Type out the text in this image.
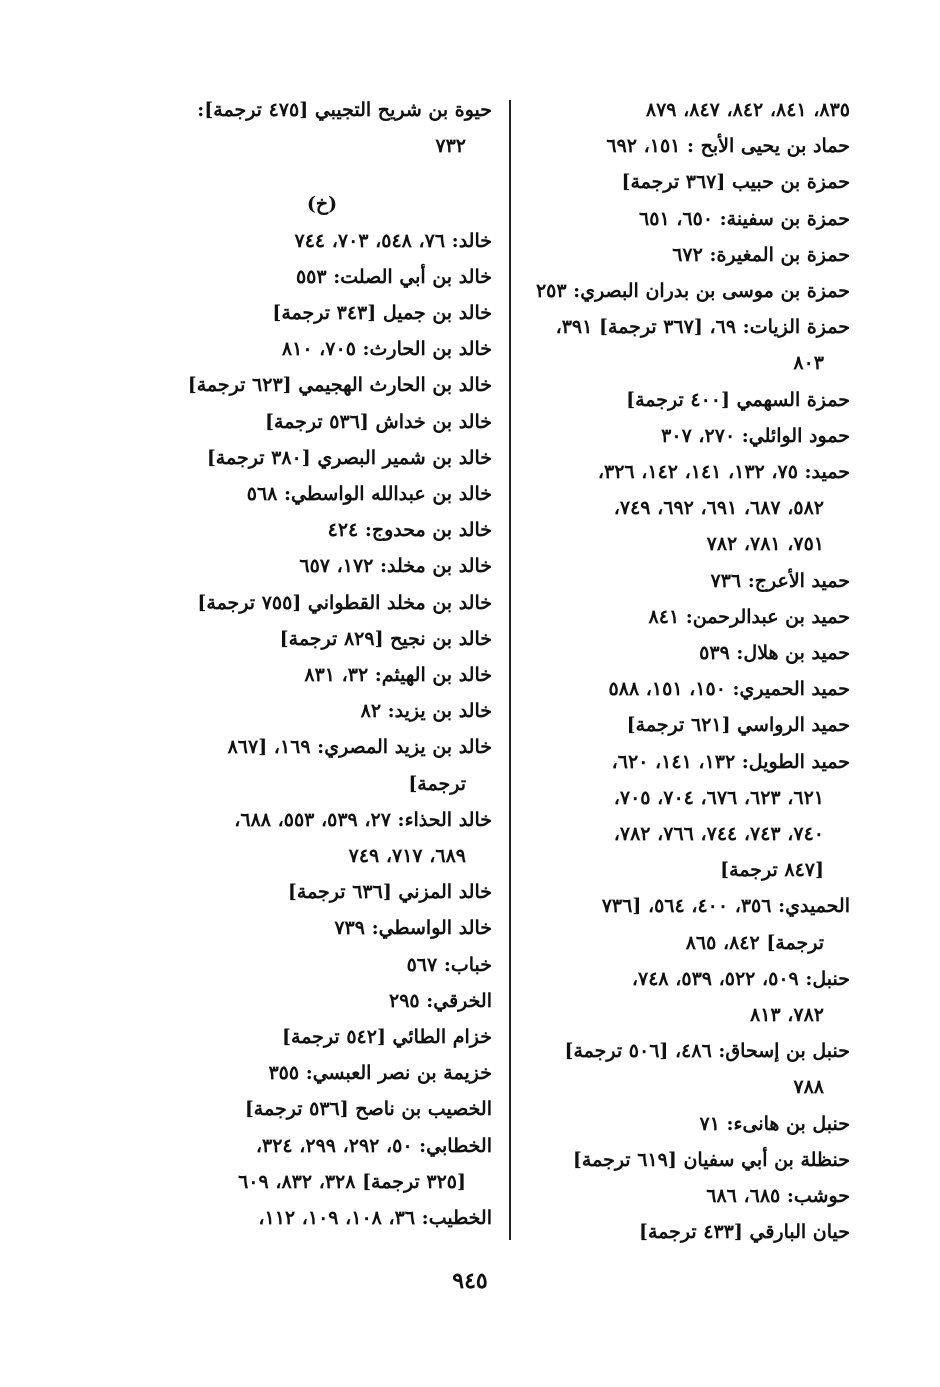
٨٣٥، ٨٤١، ٨٤٢، ٨٤٧، ٨٧٩
حماد بن يحيى الأبح : ١٥١، ٦٩٢
حمزة بن حبيب [٣٦٧ ترجمة]
حمزة بن سفينة: ٦٥٠، ٦٥١
حمزة بن المغيرة: ٦٧٢
حمزة بن موسى بن بدران البصري: ٢٥٣
حمزة الزيات: ٦٩، [٣٦٧ ترجمة] ٣٩١،
٨٠٣
حمزة السهمي [٤٠٠ ترجمة]
حمود الوائلي: ٢٧٠، ٣٠٧
حميد: ٧٥، ١٣٢، ١٤١، ١٤٢، ٣٢٦،
٥٨٢، ٦٨٧، ٦٩١، ٦٩٢، ٧٤٩،
٧٥١، ٧٨١، ٧٨٢
حميد الأعرج: ٧٣٦
حميد بن عبدالرحمن: ٨٤١
حميد بن هلال: ٥٣٩
حميد الحميري: ١٥٠، ١٥١، ٥٨٨
حميد الرواسي [٦٢١ ترجمة]
حميد الطويل: ١٣٢، ١٤١، ٦٢٠،
٦٢١، ٦٢٣، ٦٧٦، ٧٠٤، ٧٠٥،
٧٤٠، ٧٤٣، ٧٤٤، ٧٦٦، ٧٨٢،
[٨٤٧ ترجمة]
الحميدي: ٣٥٦، ٤٠٠، ٥٦٤، [٧٣٦
ترجمة] ٨٤٢، ٨٦٥
حنبل: ٥٠٩، ٥٢٢، ٥٣٩، ٧٤٨،
٧٨٢، ٨١٣
حنبل بن إسحاق: ٤٨٦، [٥٠٦ ترجمة]
٧٨٨
حنبل بن هانىء: ٧١
حنظلة بن أبي سفيان [٦١٩ ترجمة]
حوشب: ٦٨٥، ٦٨٦
حيان البارقي [٤٣٣ ترجمة]
حيوة بن شريح التجيبي [٤٧٥ ترجمة]:
٧٣٢
(خ)
خالد: ٧٦، ٥٤٨، ٧٠٣، ٧٤٤
خالد بن أبي الصلت: ٥٥٣
خالد بن جميل [٣٤٣ ترجمة]
خالد بن الحارث: ٧٠٥، ٨١٠
خالد بن الحارث الهجيمي [٦٢٣ ترجمة]
خالد بن خداش [٥٣٦ ترجمة]
خالد بن شمير البصري [٣٨٠ ترجمة]
خالد بن عبدالله الواسطي: ٥٦٨
خالد بن محدوج: ٤٢٤
خالد بن مخلد: ١٧٢، ٦٥٧
خالد بن مخلد القطواني [٧٥٥ ترجمة]
خالد بن نجيح [٨٢٩ ترجمة]
خالد بن الهيثم: ٣٢، ٨٣١
خالد بن يزيد: ٨٢
خالد بن يزيد المصري: ١٦٩، [٨٦٧
ترجمة]
خالد الحذاء: ٢٧، ٥٣٩، ٥٥٣، ٦٨٨،
٦٨٩، ٧١٧، ٧٤٩
خالد المزني [٦٣٦ ترجمة]
خالد الواسطي: ٧٣٩
خباب: ٥٦٧
الخرقي: ٢٩٥
خزام الطائي [٥٤٢ ترجمة]
خزيمة بن نصر العبسي: ٣٥٥
الخصيب بن ناصح [٥٣٦ ترجمة]
الخطابي: ٥٠، ٢٩٢، ٢٩٩، ٣٢٤،
[٣٢٥ ترجمة] ٣٢٨، ٨٣٢، ٦٠٩
الخطيب: ٣٦، ١٠٨، ١٠٩، ١١٢،
٩٤٥
